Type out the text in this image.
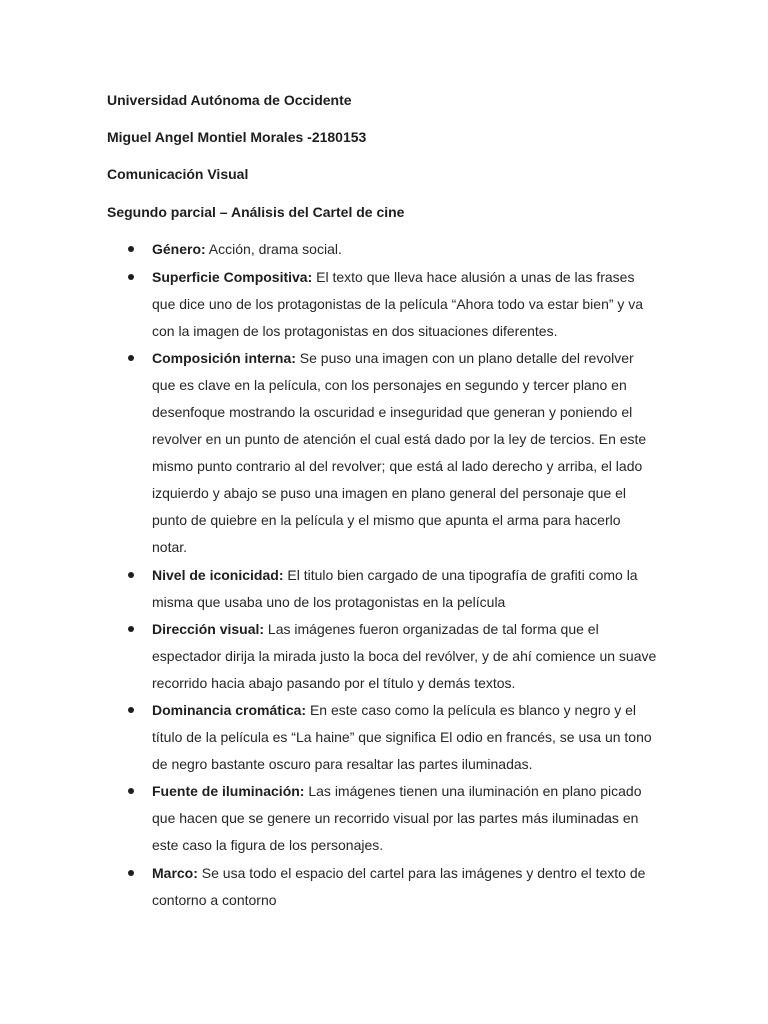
Universidad Autónoma de Occidente
Miguel Angel Montiel Morales -2180153
Comunicación Visual
Segundo parcial – Análisis del Cartel de cine
Género: Acción, drama social.
Superficie Compositiva: El texto que lleva hace alusión a unas de las frases que dice uno de los protagonistas de la película “Ahora todo va estar bien” y va con la imagen de los protagonistas en dos situaciones diferentes.
Composición interna: Se puso una imagen con un plano detalle del revolver que es clave en la película, con los personajes en segundo y tercer plano en desenfoque mostrando la oscuridad e inseguridad que generan y poniendo el revolver en un punto de atención el cual está dado por la ley de tercios. En este mismo punto contrario al del revolver; que está al lado derecho y arriba, el lado izquierdo y abajo se puso una imagen en plano general del personaje que el punto de quiebre en la película y el mismo que apunta el arma para hacerlo notar.
Nivel de iconicidad: El titulo bien cargado de una tipografía de grafiti como la misma que usaba uno de los protagonistas en la película
Dirección visual: Las imágenes fueron organizadas de tal forma que el espectador dirija la mirada justo la boca del revólver, y de ahí comience un suave recorrido hacia abajo pasando por el título y demás textos.
Dominancia cromática: En este caso como la película es blanco y negro y el título de la película es “La haine” que significa El odio en francés, se usa un tono de negro bastante oscuro para resaltar las partes iluminadas.
Fuente de iluminación: Las imágenes tienen una iluminación en plano picado que hacen que se genere un recorrido visual por las partes más iluminadas en este caso la figura de los personajes.
Marco: Se usa todo el espacio del cartel para las imágenes y dentro el texto de contorno a contorno
